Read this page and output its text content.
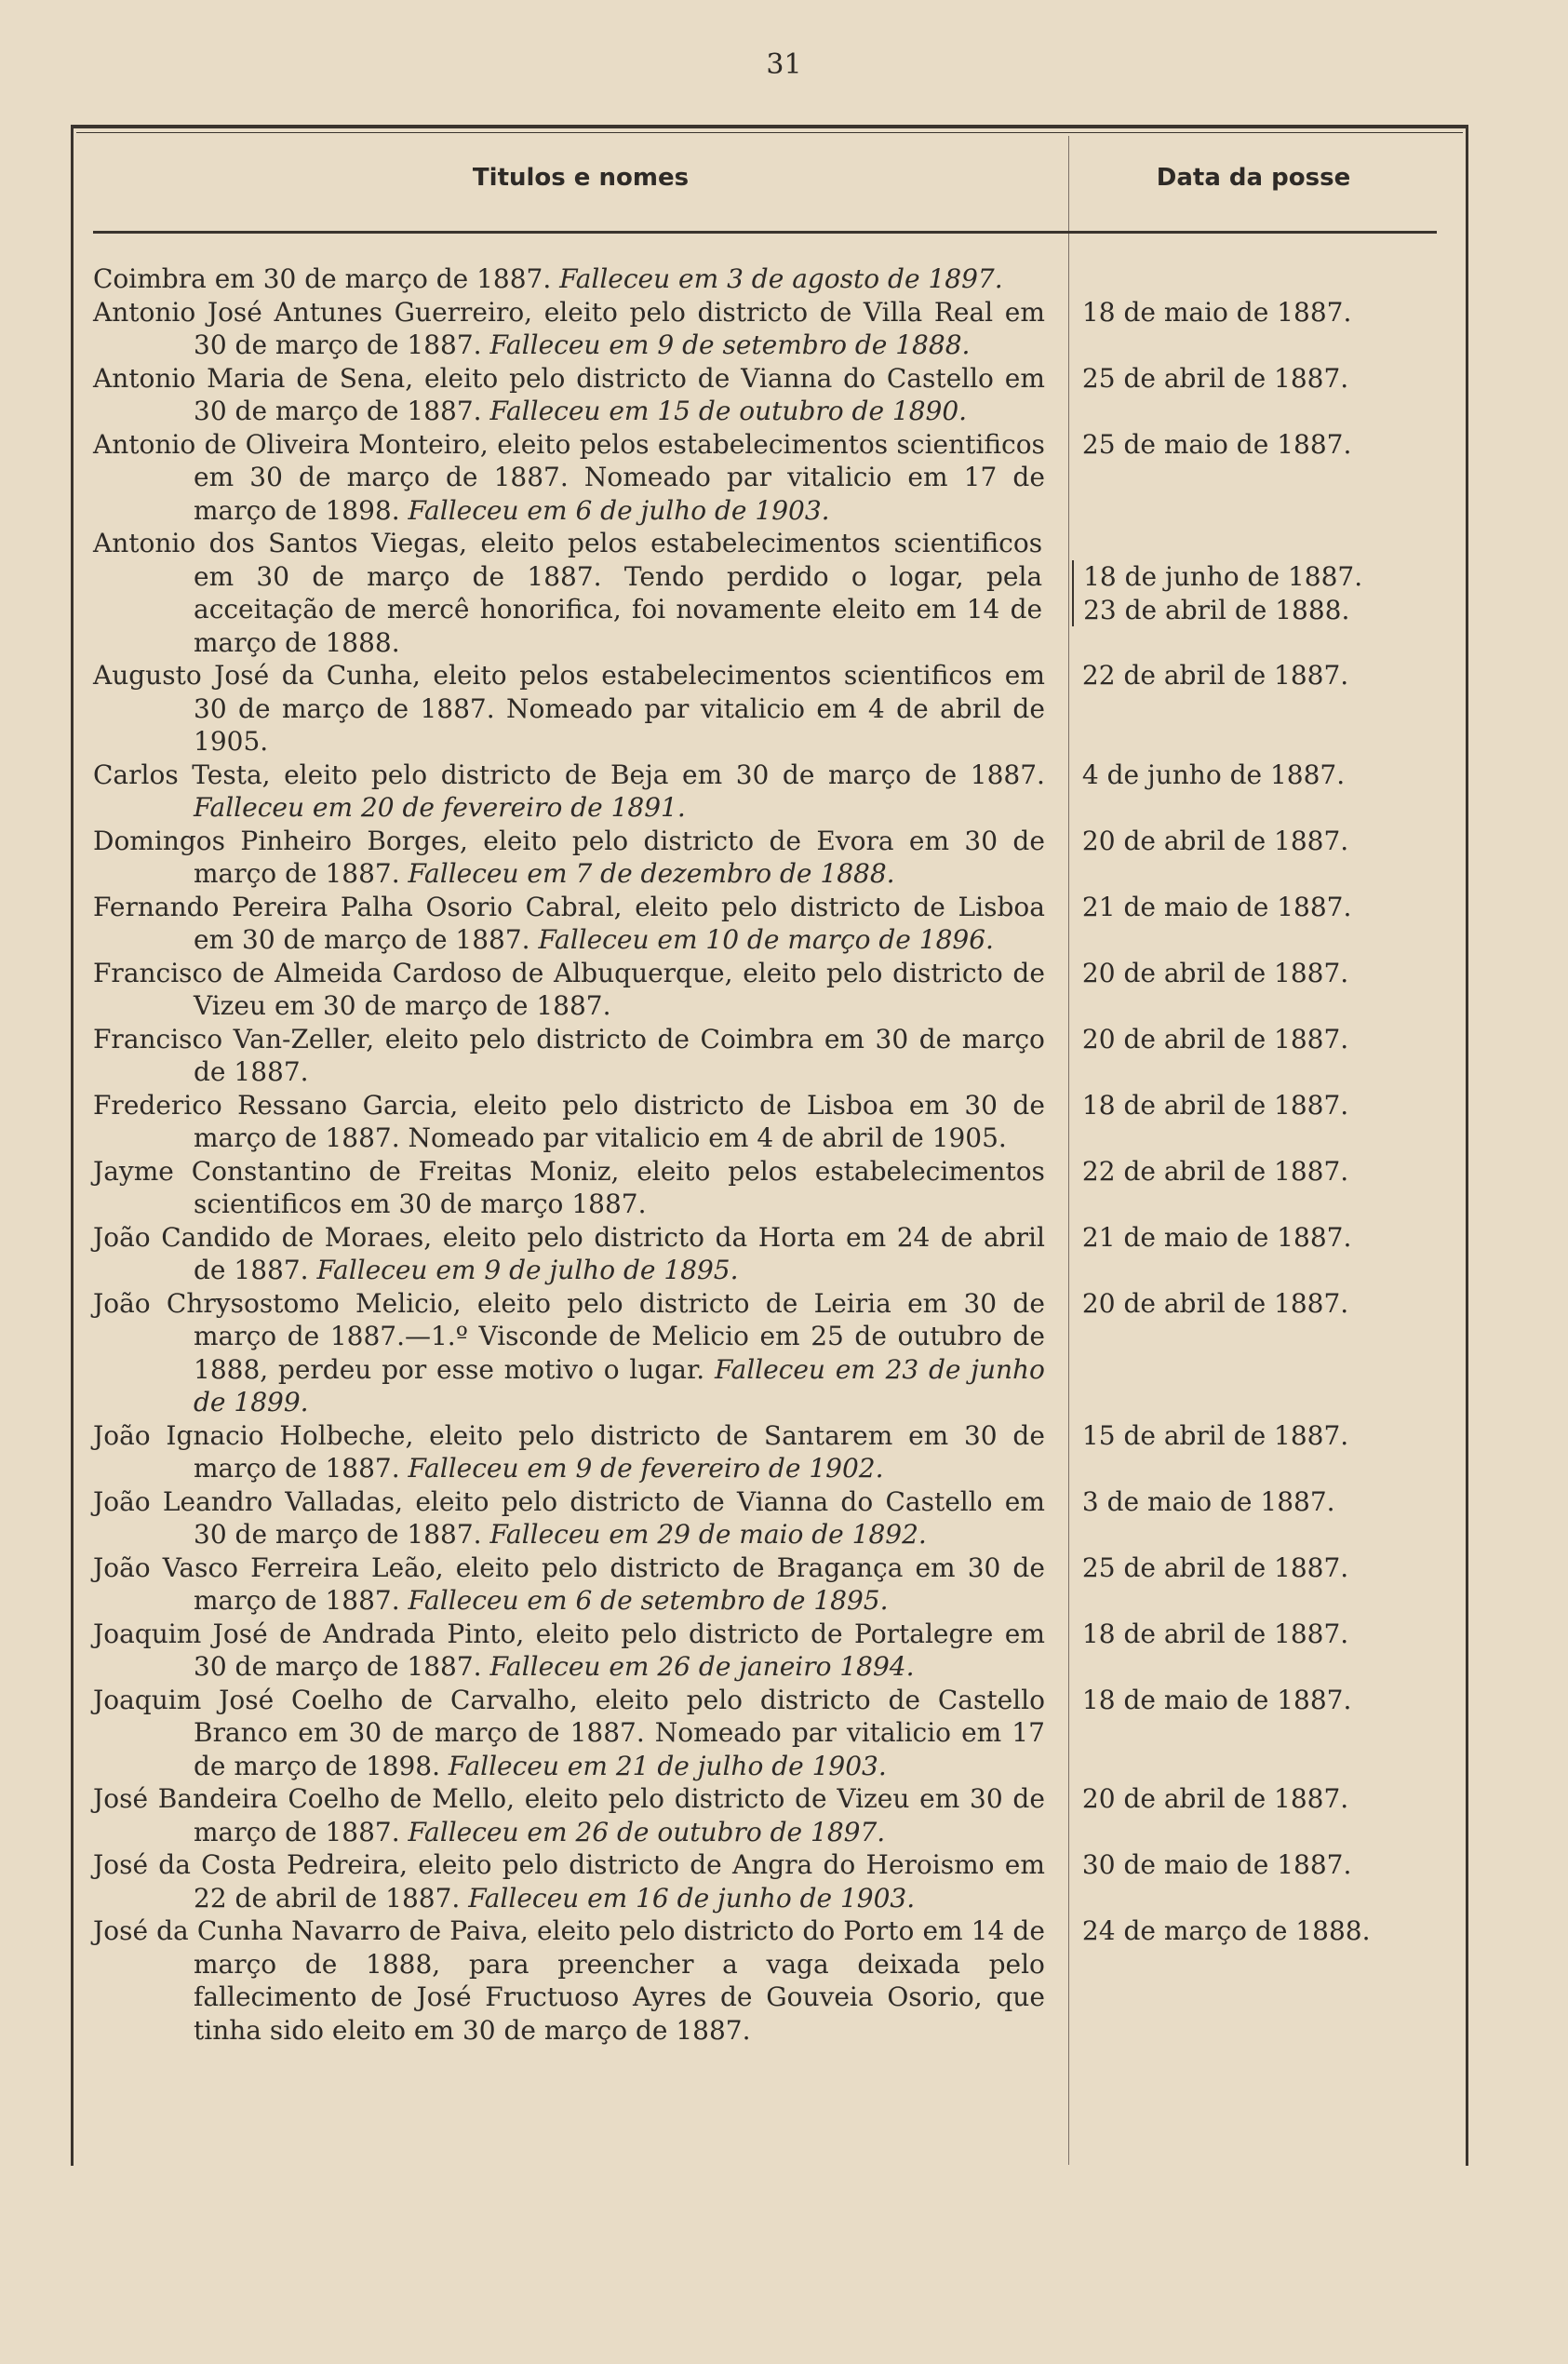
31
Titulos e nomes	Data da posse
Coimbra em 30 de março de 1887. Falleceu em 3 de agosto de 1897.
Antonio José Antunes Guerreiro, eleito pelo districto de Villa Real em 30 de março de 1887. Falleceu em 9 de setembro de 1888.
18 de maio de 1887.
Antonio Maria de Sena, eleito pelo districto de Vianna do Castello em 30 de março de 1887. Falleceu em 15 de outubro de 1890.
25 de abril de 1887.
Antonio de Oliveira Monteiro, eleito pelos estabelecimentos scientificos em 30 de março de 1887. Nomeado par vitalicio em 17 de março de 1898. Falleceu em 6 de julho de 1903.
25 de maio de 1887.
Antonio dos Santos Viegas, eleito pelos estabelecimentos scientificos em 30 de março de 1887. Tendo perdido o logar, pela acceitação de mercê honorifica, foi novamente eleito em 14 de março de 1888.
18 de junho de 1887.
23 de abril de 1888.
Augusto José da Cunha, eleito pelos estabelecimentos scientificos em 30 de março de 1887. Nomeado par vitalicio em 4 de abril de 1905.
22 de abril de 1887.
Carlos Testa, eleito pelo districto de Beja em 30 de março de 1887. Falleceu em 20 de fevereiro de 1891.
4 de junho de 1887.
Domingos Pinheiro Borges, eleito pelo districto de Evora em 30 de março de 1887. Falleceu em 7 de dezembro de 1888.
20 de abril de 1887.
Fernando Pereira Palha Osorio Cabral, eleito pelo districto de Lisboa em 30 de março de 1887. Falleceu em 10 de março de 1896.
21 de maio de 1887.
Francisco de Almeida Cardoso de Albuquerque, eleito pelo districto de Vizeu em 30 de março de 1887.
20 de abril de 1887.
Francisco Van-Zeller, eleito pelo districto de Coimbra em 30 de março de 1887.
20 de abril de 1887.
Frederico Ressano Garcia, eleito pelo districto de Lisboa em 30 de março de 1887. Nomeado par vitalicio em 4 de abril de 1905.
18 de abril de 1887.
Jayme Constantino de Freitas Moniz, eleito pelos estabelecimentos scientificos em 30 de março 1887.
22 de abril de 1887.
João Candido de Moraes, eleito pelo districto da Horta em 24 de abril de 1887. Falleceu em 9 de julho de 1895.
21 de maio de 1887.
João Chrysostomo Melicio, eleito pelo districto de Leiria em 30 de março de 1887.—1.º Visconde de Melicio em 25 de outubro de 1888, perdeu por esse motivo o lugar. Falleceu em 23 de junho de 1899.
20 de abril de 1887.
João Ignacio Holbeche, eleito pelo districto de Santarem em 30 de março de 1887. Falleceu em 9 de fevereiro de 1902.
15 de abril de 1887.
João Leandro Valladas, eleito pelo districto de Vianna do Castello em 30 de março de 1887. Falleceu em 29 de maio de 1892.
3 de maio de 1887.
João Vasco Ferreira Leão, eleito pelo districto de Bragança em 30 de março de 1887. Falleceu em 6 de setembro de 1895.
25 de abril de 1887.
Joaquim José de Andrada Pinto, eleito pelo districto de Portalegre em 30 de março de 1887. Falleceu em 26 de janeiro 1894.
18 de abril de 1887.
Joaquim José Coelho de Carvalho, eleito pelo districto de Castello Branco em 30 de março de 1887. Nomeado par vitalicio em 17 de março de 1898. Falleceu em 21 de julho de 1903.
18 de maio de 1887.
José Bandeira Coelho de Mello, eleito pelo districto de Vizeu em 30 de março de 1887. Falleceu em 26 de outubro de 1897.
20 de abril de 1887.
José da Costa Pedreira, eleito pelo districto de Angra do Heroismo em 22 de abril de 1887. Falleceu em 16 de junho de 1903.
30 de maio de 1887.
José da Cunha Navarro de Paiva, eleito pelo districto do Porto em 14 de março de 1888, para preencher a vaga deixada pelo fallecimento de José Fructuoso Ayres de Gouveia Osorio, que tinha sido eleito em 30 de março de 1887.
24 de março de 1888.
